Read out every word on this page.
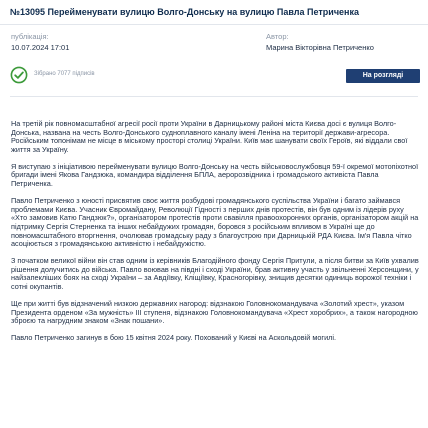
№13095 Перейменувати вулицю Волго-Донську на вулицю Павла Петриченка
публікація:
10.07.2024 17:01
Автор:
Марина Вікторівна Петриченко
Зібрано 7077 підписів	На розгляді

На третій рік повномасштабної агресії росії проти України в Дарницькому районі міста Києва досі є вулиця Волго-Донська, названа на честь Волго-Донського судноплавного каналу імені Леніна на території держави-агресора. Російським топонімам не місце в міському просторі столиці України. Київ має шанувати своїх Героїв, які віддали свої життя за Україну.

Я виступаю з ініціативою перейменувати вулицю Волго-Донську на честь військовослужбовця 59-ї окремої мотопіхотної бригади імені Якова Гандзюка, командира відділення БПЛА, аеророзвідника і громадського активіста Павла Петриченка.

Павло Петриченко з юності присвятив своє життя розбудові громадянського суспільства України і багато займався проблемами Києва. Учасник Євромайдану, Революції Гідності з перших днів протестів, він був одним із лідерів руху «Хто замовив Катю Гандзюк?», організатором протестів проти свавілля правоохоронних органів, організатором акцій на підтримку Сергія Стерненка та інших небайдужих громадян, боровся з російським впливом в Україні ще до повномасштабного вторгнення, очолював громадську раду з благоустрою при Дарницькій РДА Києва. Ім'я Павла чітко асоціюється з громадянською активністю і небайдужістю.

З початком великої війни він став одним із керівників Благодійного фонду Сергія Притули, а після битви за Київ ухвалив рішення долучитись до війська. Павло воював на півдні і сході України, брав активну участь у звільненні Херсонщини, у найзапекліших боях на сході України – за Авдіївку, Кліщіївку, Красногорівку, знищив десятки одиниць ворожої техніки і сотні окупантів.

Ще при житті був відзначений низкою державних нагород: відзнакою Головнокомандувача «Золотий хрест», указом Президента орденом «За мужність» III ступеня, відзнакою Головнокомандувача «Хрест хоробрих», а також нагородною зброєю та нагрудним знаком «Знак пошани».

Павло Петриченко загинув в бою 15 квітня 2024 року. Похований у Києві на Аскольдовій могилі.
